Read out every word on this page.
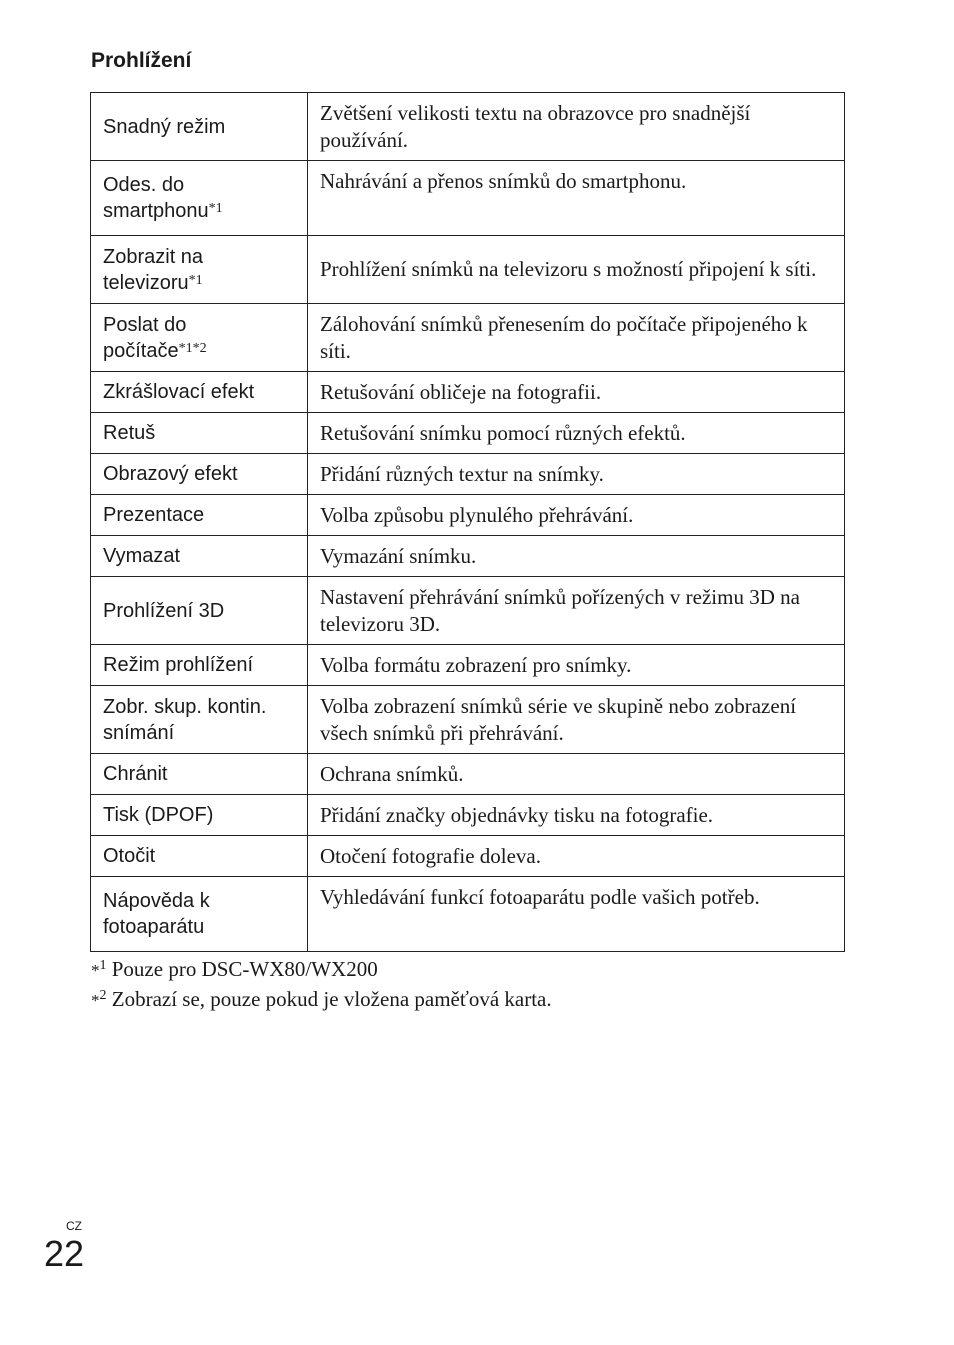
Prohlížení
Snadný režim	Zvětšení velikosti textu na obrazovce pro snadnější používání.
Odes. do smartphonu$^{*1}$	Nahrávání a přenos snímků do smartphonu.
Zobrazit na televizoru$^{*1}$	Prohlížení snímků na televizoru s možností připojení k síti.
Poslat do počítače$^{*1*2}$	Zálohování snímků přenesením do počítače připojeného k síti.
Zkrášlovací efekt	Retušování obličeje na fotografii.
Retuš	Retušování snímku pomocí různých efektů.
Obrazový efekt	Přidání různých textur na snímky.
Prezentace	Volba způsobu plynulého přehrávání.
Vymazat	Vymazání snímku.
Prohlížení 3D	Nastavení přehrávání snímků pořízených v režimu 3D na televizoru 3D.
Režim prohlížení	Volba formátu zobrazení pro snímky.
Zobr. skup. kontin. snímání	Volba zobrazení snímků série ve skupině nebo zobrazení všech snímků při přehrávání.
Chránit	Ochrana snímků.
Tisk (DPOF)	Přidání značky objednávky tisku na fotografie.
Otočit	Otočení fotografie doleva.
Nápověda k fotoaparátu	Vyhledávání funkcí fotoaparátu podle vašich potřeb.
*$^1$ Pouze pro DSC-WX80/WX200
*$^2$ Zobrazí se, pouze pokud je vložena paměťová karta.
CZ
22
